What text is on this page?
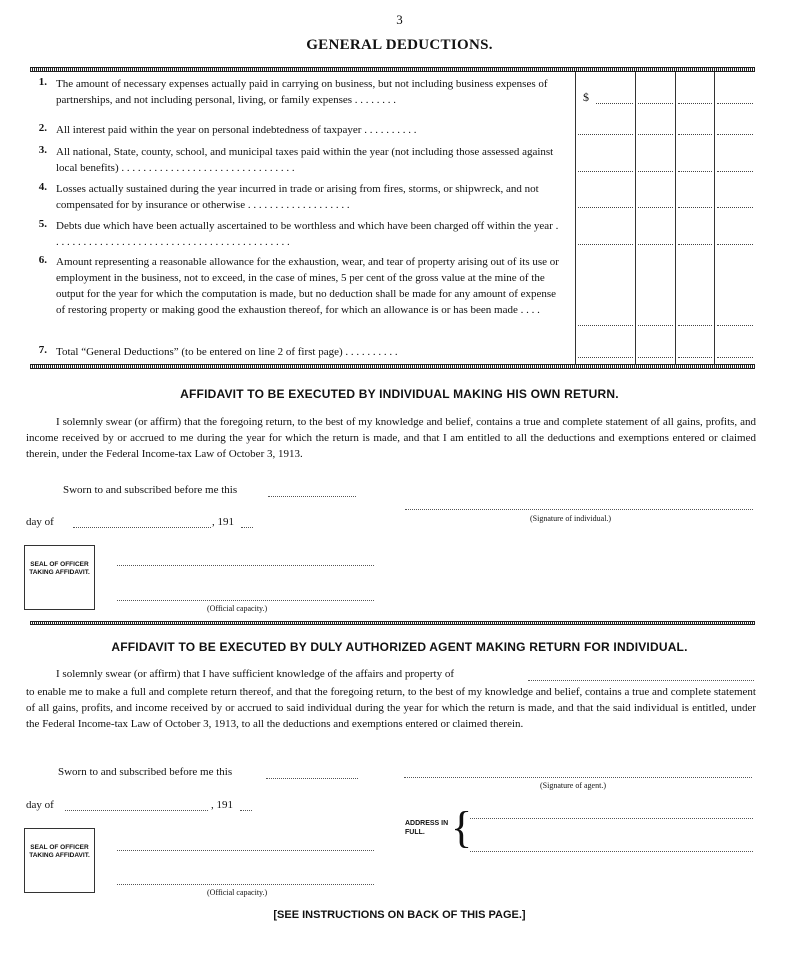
3
GENERAL DEDUCTIONS.
$
1. The amount of necessary expenses actually paid in carrying on business, but not including business expenses of partnerships, and not including personal, living, or family expenses . . . . . . . .
2. All interest paid within the year on personal indebtedness of taxpayer . . . . . . . . . .
3. All national, State, county, school, and municipal taxes paid within the year (not including those assessed against local benefits) . . . . . . . . . . . . . . . . . . . . . . . . . . . . . . . .
4. Losses actually sustained during the year incurred in trade or arising from fires, storms, or shipwreck, and not compensated for by insurance or otherwise . . . . . . . . . . . . . . . . . . .
5. Debts due which have been actually ascertained to be worthless and which have been charged off within the year . . . . . . . . . . . . . . . . . . . . . . . . . . . . . . . . . . . . . . . . . . . .
6. Amount representing a reasonable allowance for the exhaustion, wear, and tear of property arising out of its use or employment in the business, not to exceed, in the case of mines, 5 per cent of the gross value at the mine of the output for the year for which the computation is made, but no deduction shall be made for any amount of expense of restoring property or making good the exhaustion thereof, for which an allowance is or has been made . . . .
7. Total “General Deductions” (to be entered on line 2 of first page) . . . . . . . . . .
AFFIDAVIT TO BE EXECUTED BY INDIVIDUAL MAKING HIS OWN RETURN.
I solemnly swear (or affirm) that the foregoing return, to the best of my knowledge and belief, contains a true and complete statement of all gains, profits, and income received by or accrued to me during the year for which the return is made, and that I am entitled to all the deductions and exemptions entered or claimed therein, under the Federal Income-tax Law of October 3, 1913.
Sworn to and subscribed before me this
(Signature of individual.)
day of	, 191
SEAL OF OFFICER TAKING AFFIDAVIT.
(Official capacity.)
AFFIDAVIT TO BE EXECUTED BY DULY AUTHORIZED AGENT MAKING RETURN FOR INDIVIDUAL.
I solemnly swear (or affirm) that I have sufficient knowledge of the affairs and property of
to enable me to make a full and complete return thereof, and that the foregoing return, to the best of my knowledge and belief, contains a true and complete statement of all gains, profits, and income received by or accrued to said individual during the year for which the return is made, and that the said individual is entitled, under the Federal Income-tax Law of October 3, 1913, to all the deductions and exemptions entered or claimed therein.
Sworn to and subscribed before me this
(Signature of agent.)
day of	, 191
ADDRESS IN FULL. {
SEAL OF OFFICER TAKING AFFIDAVIT.
(Official capacity.)
[SEE INSTRUCTIONS ON BACK OF THIS PAGE.]
